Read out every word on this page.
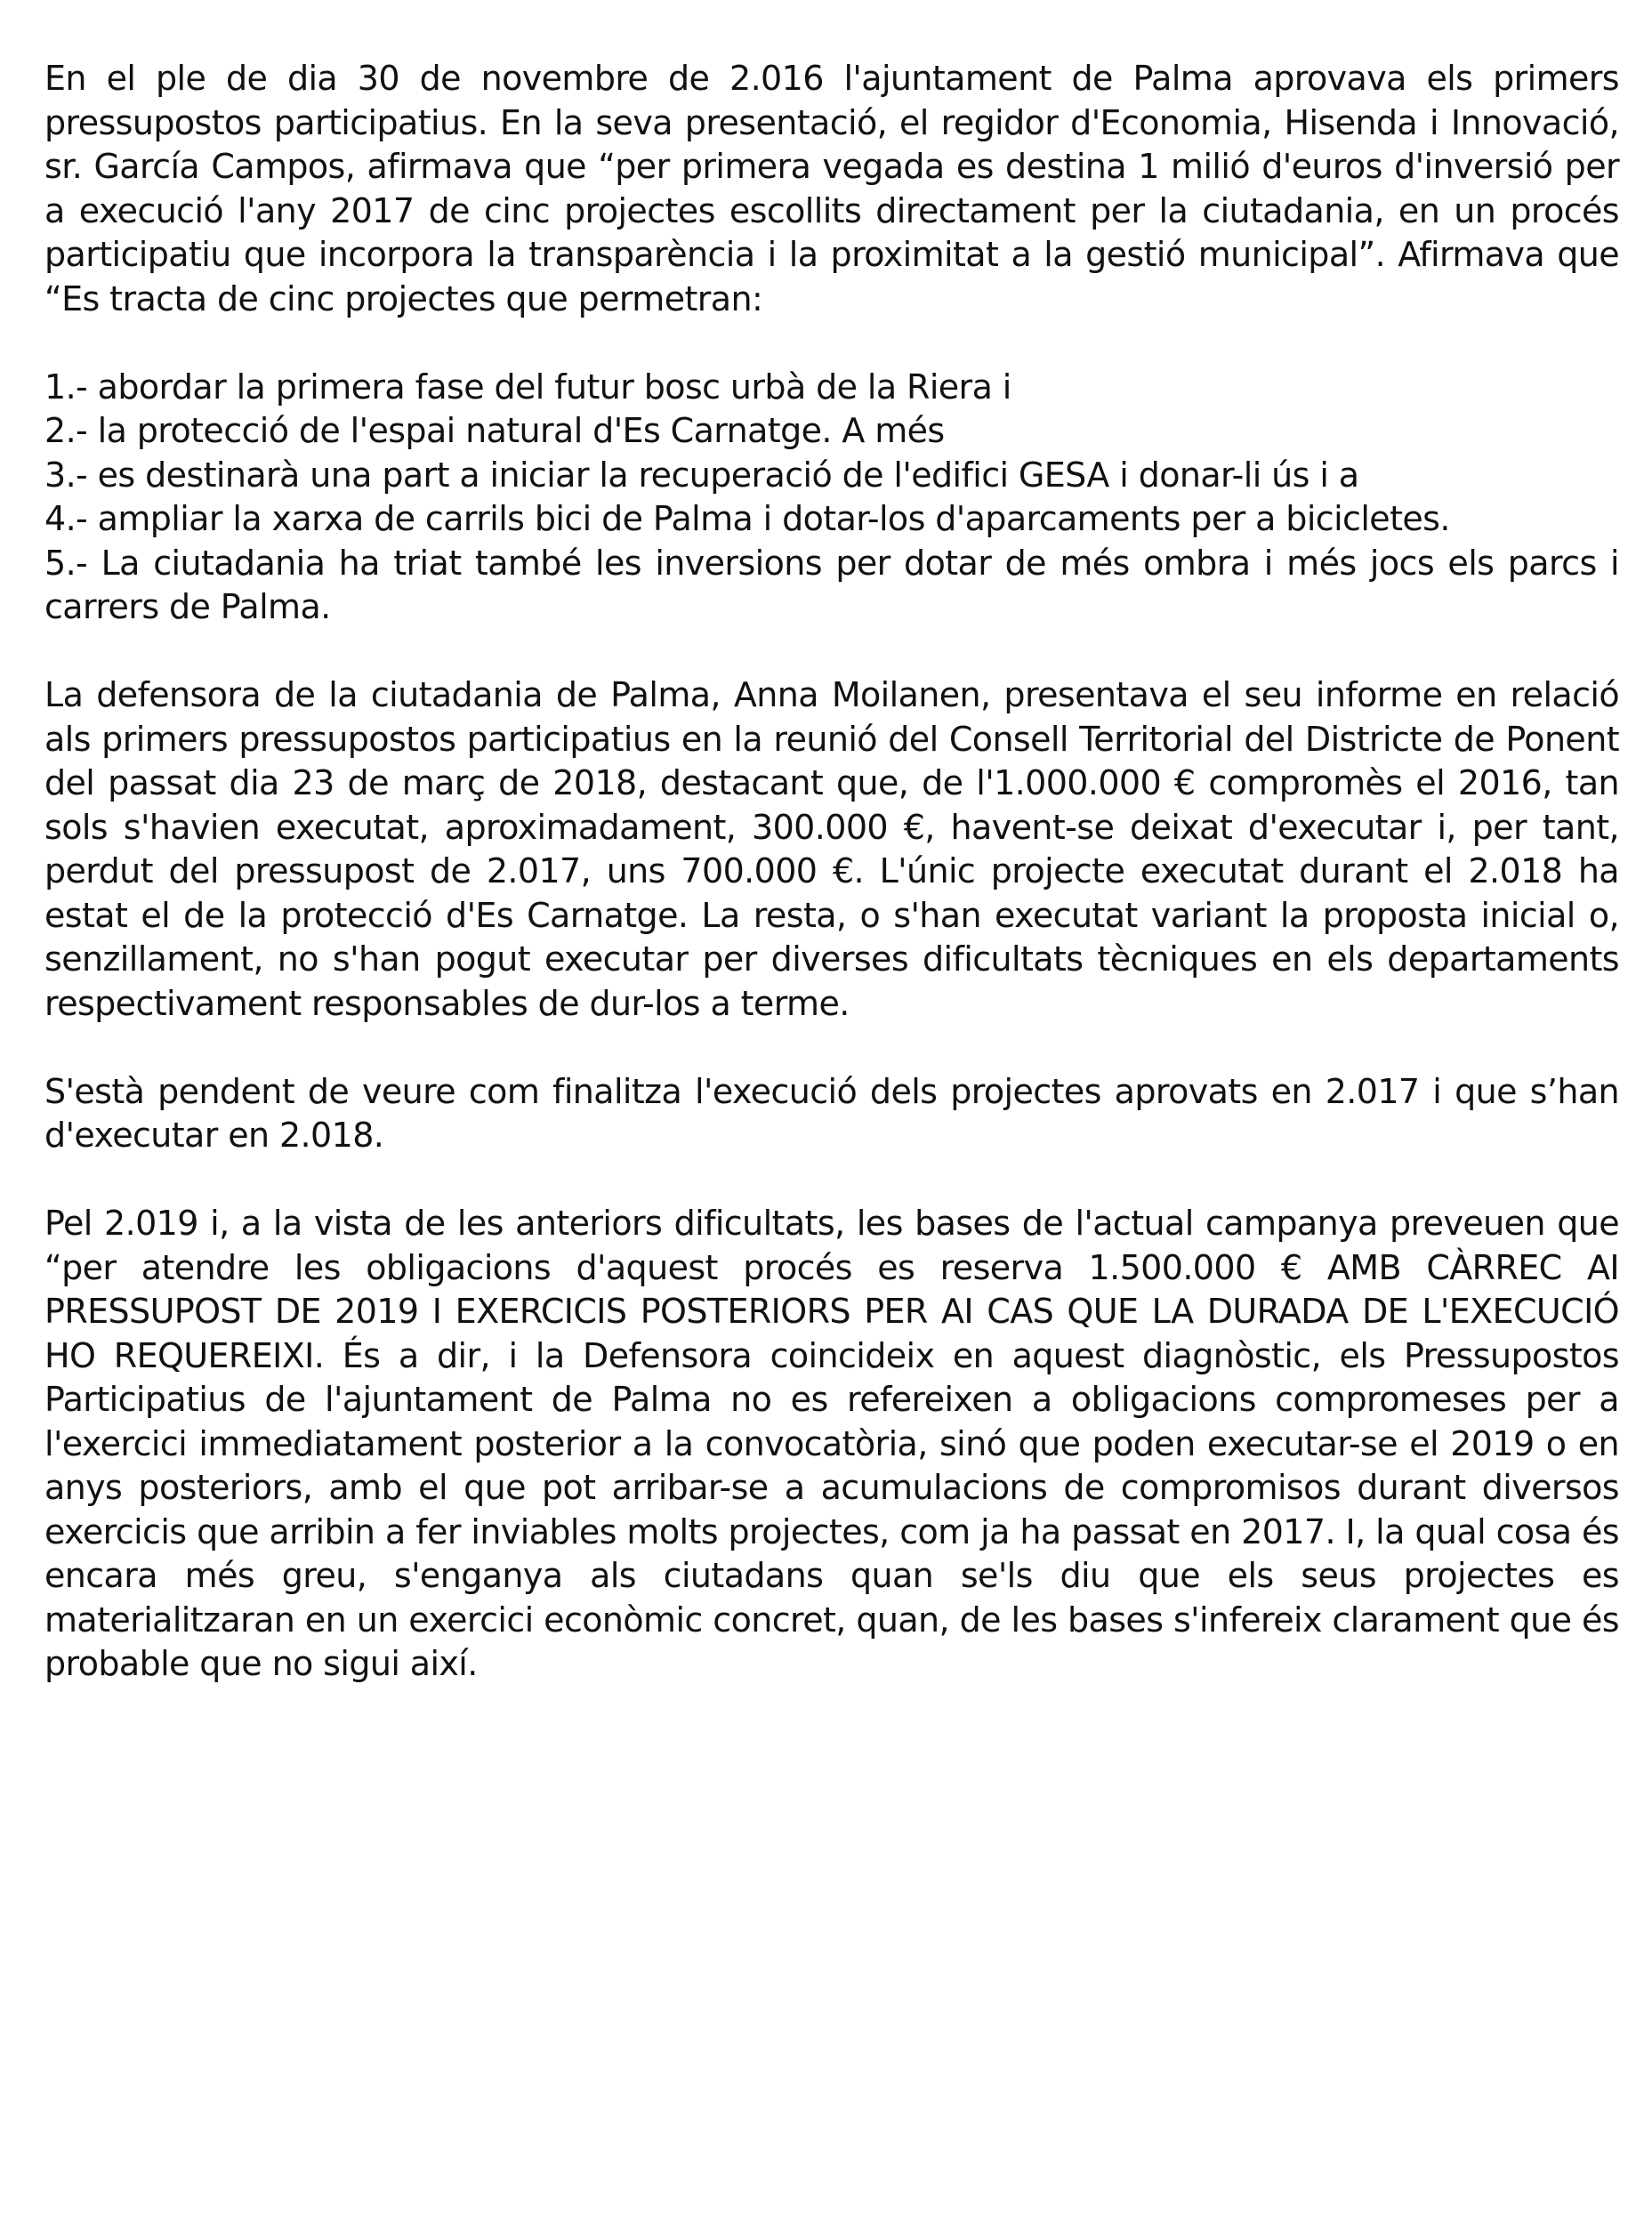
En el ple de dia 30 de novembre de 2.016 l'ajuntament de Palma aprovava els primers pressupostos participatius. En la seva presentació, el regidor d'Economia, Hisenda i Innovació, sr. García Campos, afirmava que “per primera vegada es destina 1 milió d'euros d'inversió per a execució l'any 2017 de cinc projectes escollits directament per la ciutadania, en un procés participatiu que incorpora la transparència i la proximitat a la gestió municipal”. Afirmava que “Es tracta de cinc projectes que permetran:

1.- abordar la primera fase del futur bosc urbà de la Riera i
2.- la protecció de l'espai natural d'Es Carnatge. A més
3.- es destinarà una part a iniciar la recuperació de l'edifici GESA i donar-li ús i a
4.- ampliar la xarxa de carrils bici de Palma i dotar-los d'aparcaments per a bicicletes.
5.- La ciutadania ha triat també les inversions per dotar de més ombra i més jocs els parcs i carrers de Palma.

La defensora de la ciutadania de Palma, Anna Moilanen, presentava el seu informe en relació als primers pressupostos participatius en la reunió del Consell Territorial del Districte de Ponent del passat dia 23 de març de 2018, destacant que, de l'1.000.000 € compromès el 2016, tan sols s'havien executat, aproximadament, 300.000 €, havent-se deixat d'executar i, per tant, perdut del pressupost de 2.017, uns 700.000 €. L'únic projecte executat durant el 2.018 ha estat el de la protecció d'Es Carnatge. La resta, o s'han executat variant la proposta inicial o, senzillament, no s'han pogut executar per diverses dificultats tècniques en els departaments respectivament responsables de dur-los a terme.

S'està pendent de veure com finalitza l'execució dels projectes aprovats en 2.017 i que s’han d'executar en 2.018.

Pel 2.019 i, a la vista de les anteriors dificultats, les bases de l'actual campanya preveuen que “per atendre les obligacions d'aquest procés es reserva 1.500.000 € AMB CÀRREC AI PRESSUPOST DE 2019 I EXERCICIS POSTERIORS PER AI CAS QUE LA DURADA DE L'EXECUCIÓ HO REQUEREIXI. És a dir, i la Defensora coincideix en aquest diagnòstic, els Pressupostos Participatius de l'ajuntament de Palma no es refereixen a obligacions compromeses per a l'exercici immediatament posterior a la convocatòria, sinó que poden executar-se el 2019 o en anys posteriors, amb el que pot arribar-se a acumulacions de compromisos durant diversos exercicis que arribin a fer inviables molts projectes, com ja ha passat en 2017. I, la qual cosa és encara més greu, s'enganya als ciutadans quan se'ls diu que els seus projectes es materialitzaran en un exercici econòmic concret, quan, de les bases s'infereix clarament que és probable que no sigui així.
